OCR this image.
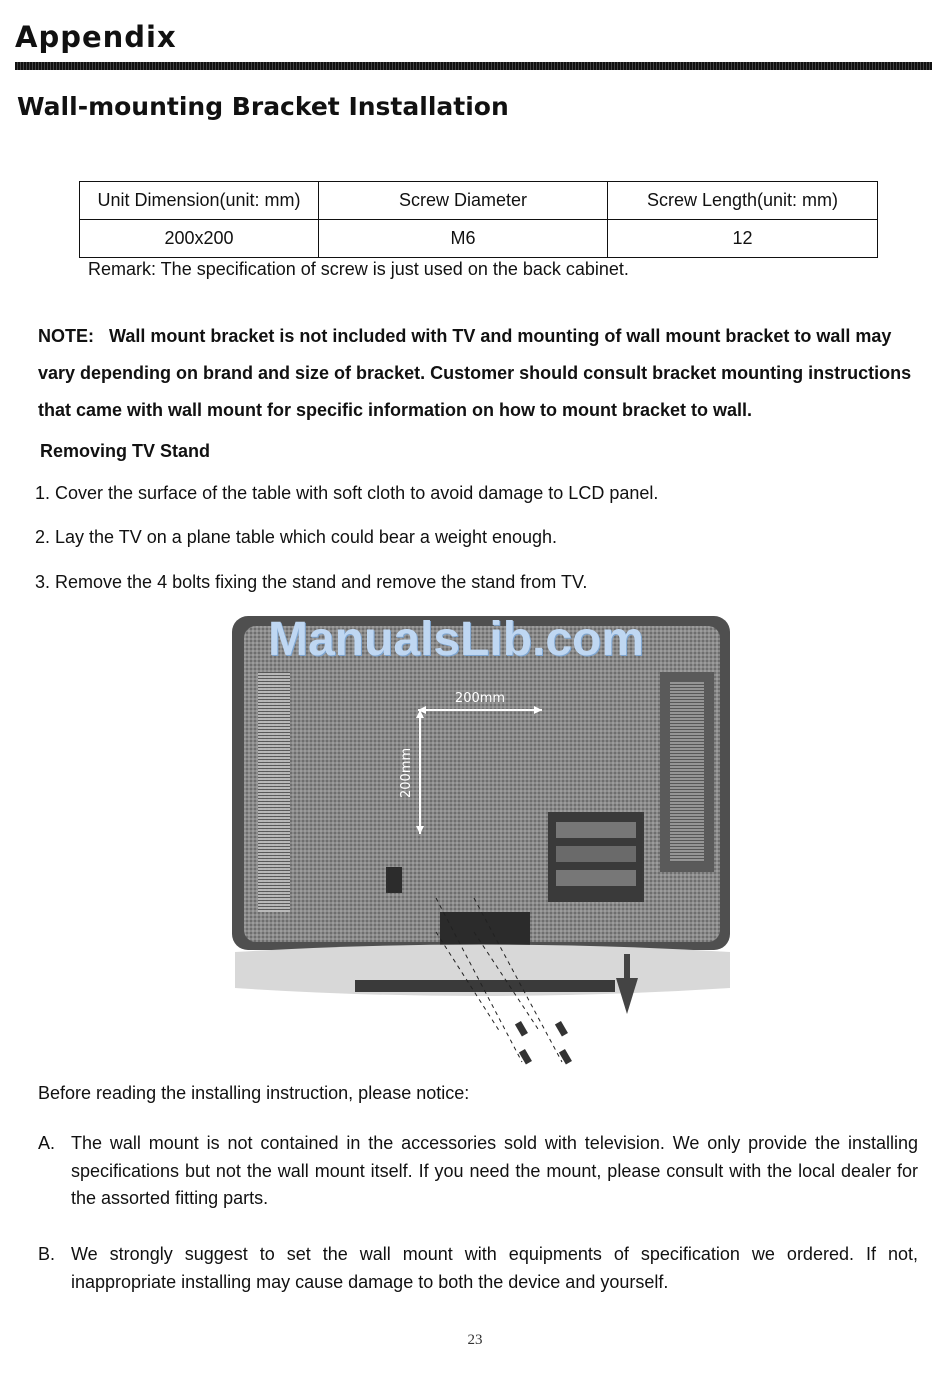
Appendix
Wall-mounting Bracket Installation
Unit Dimension(unit: mm)	Screw Diameter	Screw Length(unit: mm)
200x200	M6	12
Remark: The specification of screw is just used on the back cabinet.
NOTE: Wall mount bracket is not included with TV and mounting of wall mount bracket to wall may vary depending on brand and size of bracket. Customer should consult bracket mounting instructions that came with wall mount for specific information on how to mount bracket to wall.
Removing TV Stand
1. Cover the surface of the table with soft cloth to avoid damage to LCD panel.
2. Lay the TV on a plane table which could bear a weight enough.
3. Remove the 4 bolts fixing the stand and remove the stand from TV.
200mm
200mm
ManualsLib.com
Before reading the installing instruction, please notice:
A. The wall mount is not contained in the accessories sold with television. We only provide the installing specifications but not the wall mount itself. If you need the mount, please consult with the local dealer for the assorted fitting parts.
B. We strongly suggest to set the wall mount with equipments of specification we ordered. If not, inappropriate installing may cause damage to both the device and yourself.
23
